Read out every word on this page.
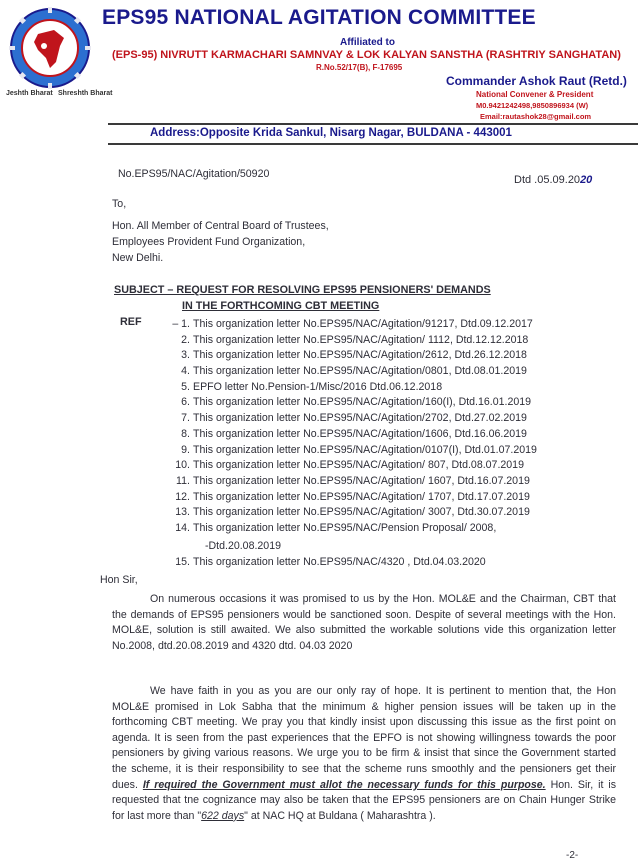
Jeshth Bharat Shreshth Bharat
EPS95 NATIONAL AGITATION COMMITTEE
Affiliated to
(EPS-95) NIVRUTT KARMACHARI SAMNVAY & LOK KALYAN SANSTHA (RASHTRIY SANGHATAN)
R.No.52/17(B), F-17695
Commander Ashok Raut (Retd.)
National Convener & President
M0.9421242498,9850896934 (W)
Email:rautashok28@gmail.com
Address:Opposite Krida Sankul, Nisarg Nagar, BULDANA - 443001
No.EPS95/NAC/Agitation/50920	Dtd .05.09.2020
To,
Hon. All Member of Central Board of Trustees,
Employees Provident Fund Organization,
New Delhi.
SUBJECT – REQUEST FOR RESOLVING EPS95 PENSIONERS' DEMANDS
IN THE FORTHCOMING CBT MEETING
REF	– 1. This organization letter No.EPS95/NAC/Agitation/91217, Dtd.09.12.2017
2. This organization letter No.EPS95/NAC/Agitation/ 1112, Dtd.12.12.2018
3. This organization letter No.EPS95/NAC/Agitation/2612, Dtd.26.12.2018
4. This organization letter No.EPS95/NAC/Agitation/0801, Dtd.08.01.2019
5. EPFO letter No.Pension-1/Misc/2016 Dtd.06.12.2018
6. This organization letter No.EPS95/NAC/Agitation/160(I), Dtd.16.01.2019
7. This organization letter No.EPS95/NAC/Agitation/2702, Dtd.27.02.2019
8. This organization letter No.EPS95/NAC/Agitation/1606, Dtd.16.06.2019
9. This organization letter No.EPS95/NAC/Agitation/0107(I), Dtd.01.07.2019
10. This organization letter No.EPS95/NAC/Agitation/ 807, Dtd.08.07.2019
11. This organization letter No.EPS95/NAC/Agitation/ 1607, Dtd.16.07.2019
12. This organization letter No.EPS95/NAC/Agitation/ 1707, Dtd.17.07.2019
13. This organization letter No.EPS95/NAC/Agitation/ 3007, Dtd.30.07.2019
14. This organization letter No.EPS95/NAC/Pension Proposal/ 2008,
-Dtd.20.08.2019
15. This organization letter No.EPS95/NAC/4320 , Dtd.04.03.2020
Hon Sir,
On numerous occasions it was promised to us by the Hon. MOL&E and the Chairman, CBT that the demands of EPS95 pensioners would be sanctioned soon. Despite of several meetings with the Hon. MOL&E, solution is still awaited. We also submitted the workable solutions vide this organization letter No.2008, dtd.20.08.2019 and 4320 dtd. 04.03 2020
We have faith in you as you are our only ray of hope. It is pertinent to mention that, the Hon MOL&E promised in Lok Sabha that the minimum & higher pension issues will be taken up in the forthcoming CBT meeting. We pray you that kindly insist upon discussing this issue as the first point on agenda. It is seen from the past experiences that the EPFO is not showing willingness towards the poor pensioners by giving various reasons. We urge you to be firm & insist that since the Government started the scheme, it is their responsibility to see that the scheme runs smoothly and the pensioners get their dues. If required the Government must allot the necessary funds for this purpose. Hon. Sir, it is requested that tne cognizance may also be taken that the EPS95 pensioners are on Chain Hunger Strike for last more than "622 days" at NAC HQ at Buldana ( Maharashtra ).
-2-
